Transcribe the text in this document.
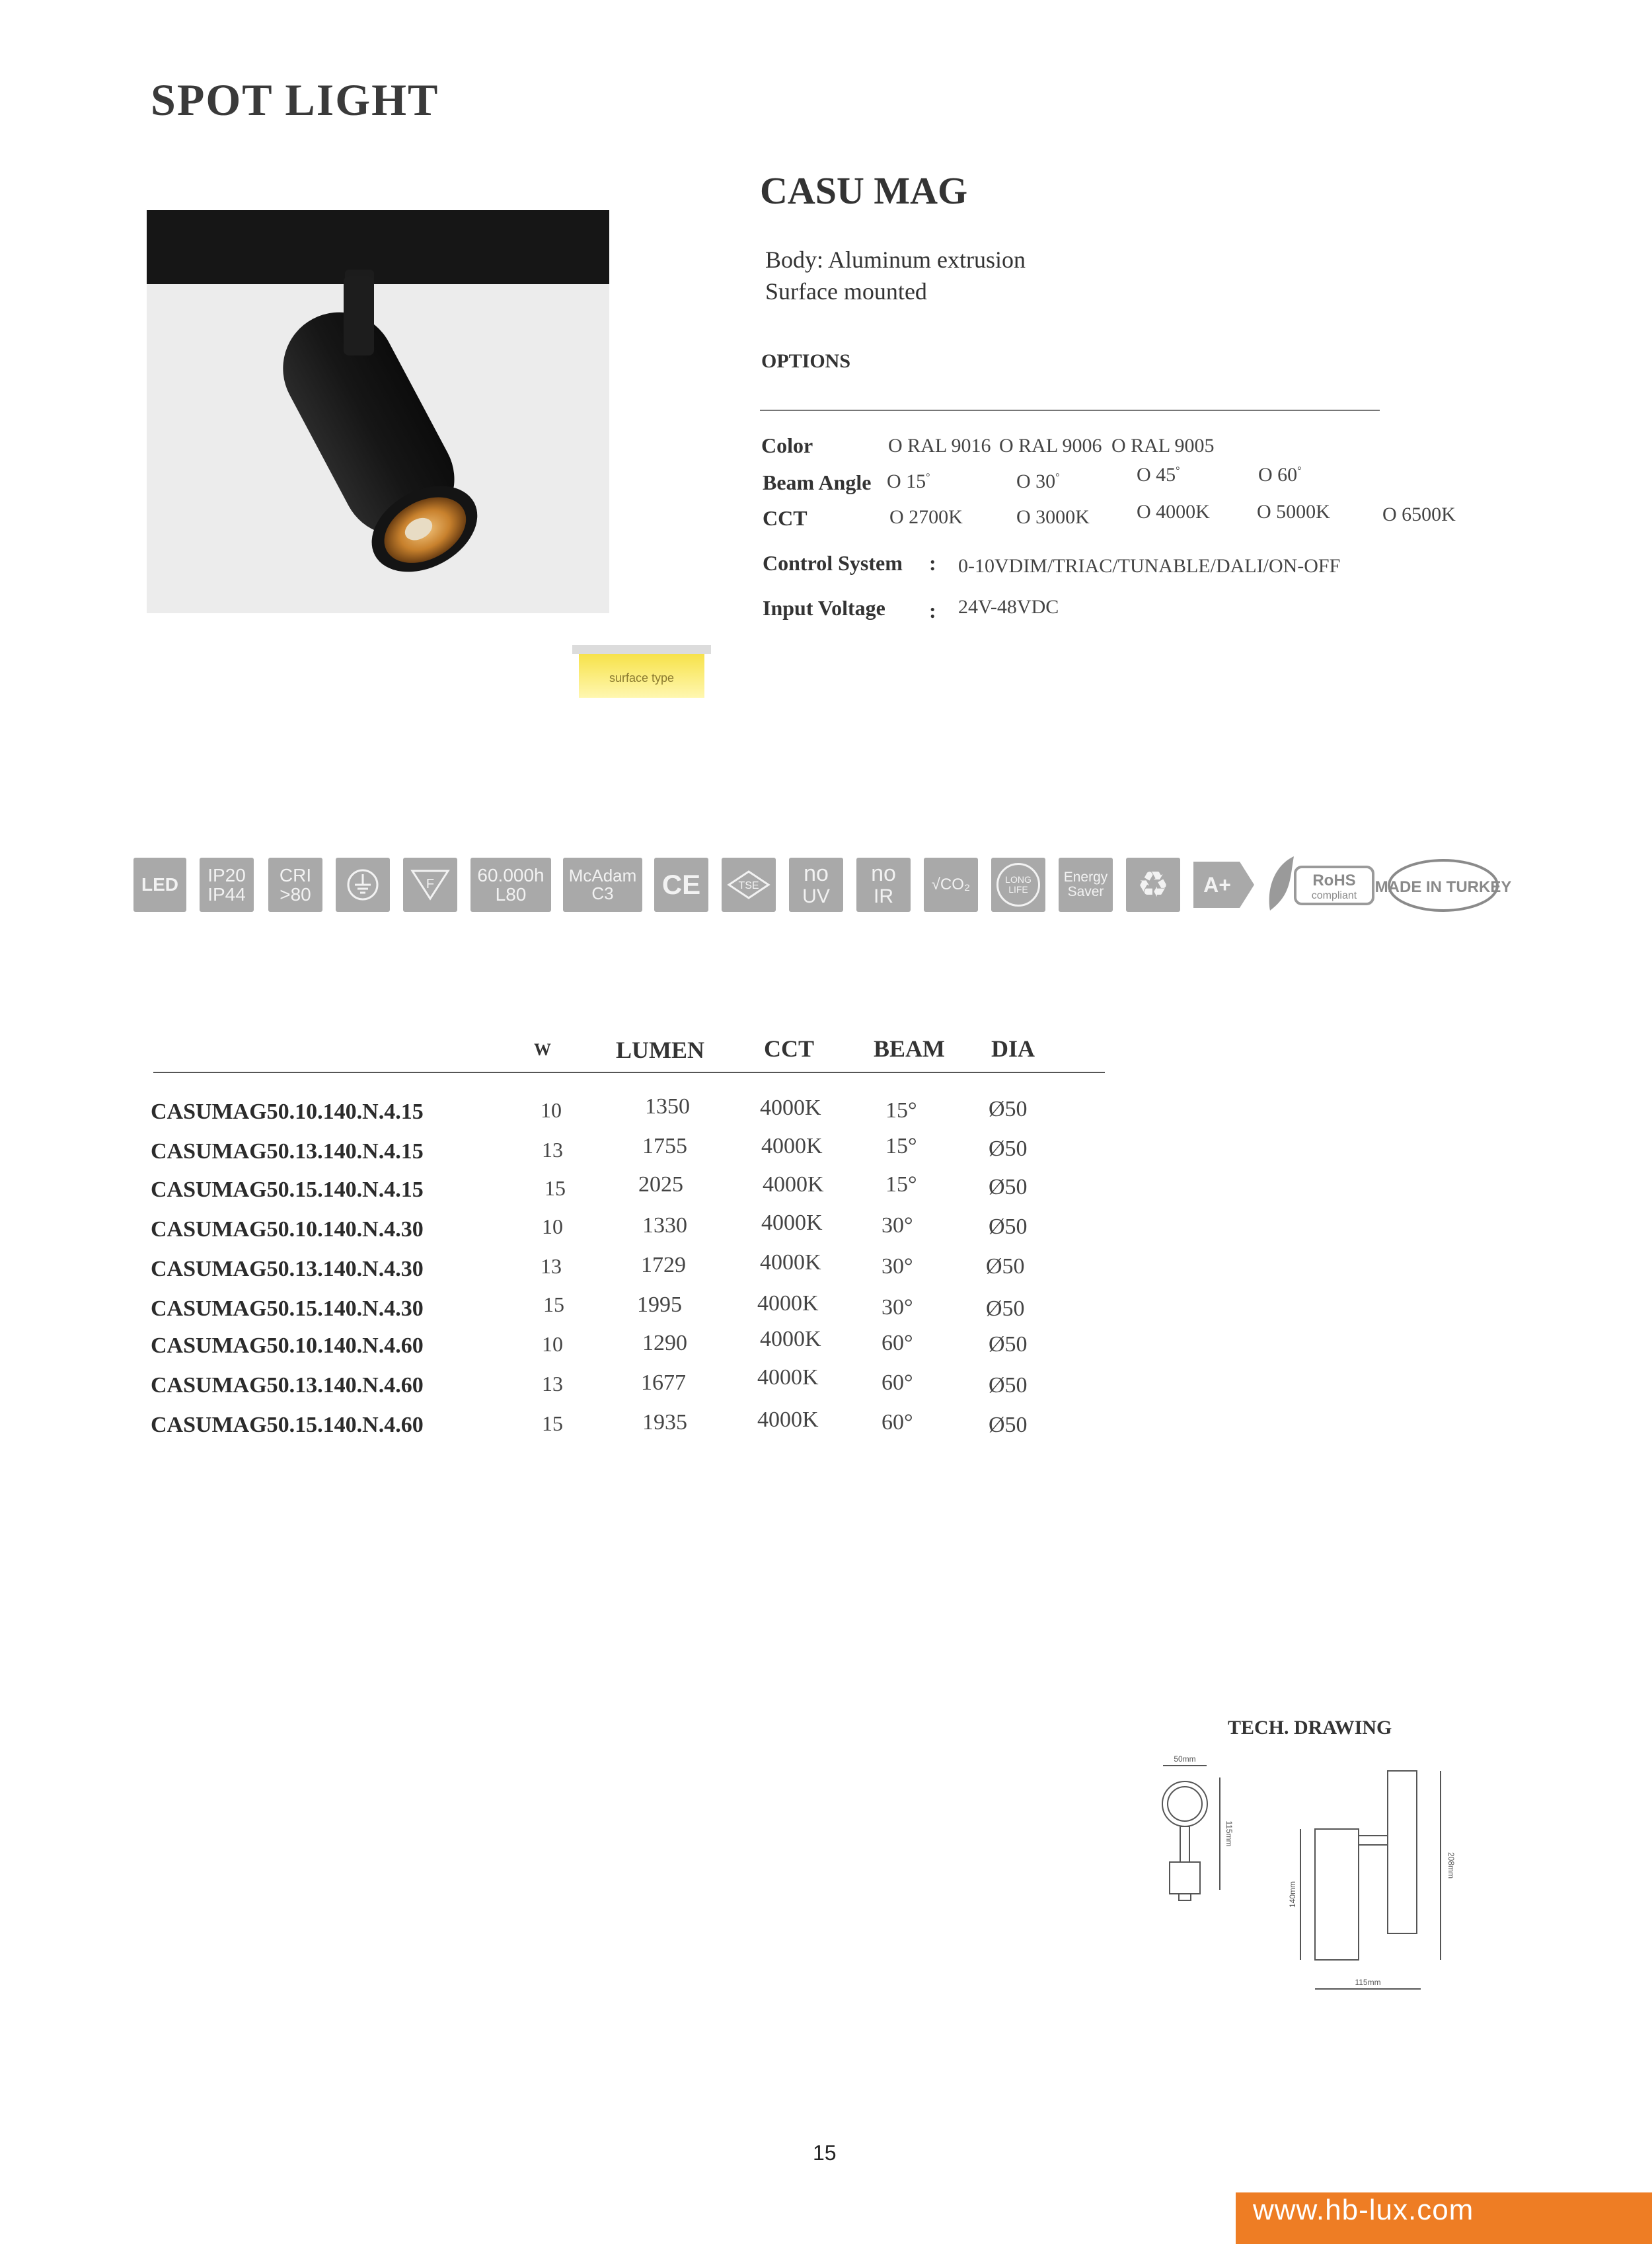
SPOT LIGHT
surface type
CASU MAG
Body: Aluminum extrusion
Surface mounted
OPTIONS
Color	O RAL 9016 O RAL 9006 O RAL 9005
Beam Angle O 15°	O 30°	O 45°	O 60°
CCT	O 2700K	O 3000K O 4000K O 5000K	O 6500K
Control System : 0-10VDIM/TRIAC/TUNABLE/DALI/ON-OFF
Input Voltage : 24V-48VDC
LED IP20
IP44
CRI
>80	F 60.000h
L80
McAdam
C3 CE	TSE no
UV
no
IR
√CO₂	LONG
LIFE
Energy
Saver ♻ A+	RoHS
compliant MADE IN TURKEY
W	LUMEN	CCT BEAM DIA
CASUMAG50.10.140.N.4.15	10	1350	4000K	15°	Ø50
CASUMAG50.13.140.N.4.15	13	1755	4000K	15°	Ø50
CASUMAG50.15.140.N.4.15	15	2025	4000K	15°	Ø50
CASUMAG50.10.140.N.4.30	10	1330	4000K	30°	Ø50
CASUMAG50.13.140.N.4.30	13	1729	4000K	30°	Ø50
CASUMAG50.15.140.N.4.30	15	1995	4000K	30°	Ø50
CASUMAG50.10.140.N.4.60	10	1290	4000K	60°	Ø50
CASUMAG50.13.140.N.4.60	13	1677	4000K	60°	Ø50
CASUMAG50.15.140.N.4.60	15	1935	4000K	60°	Ø50
TECH. DRAWING
50mm
115mm
140mm
208mm
115mm
15
www.hb-lux.com
